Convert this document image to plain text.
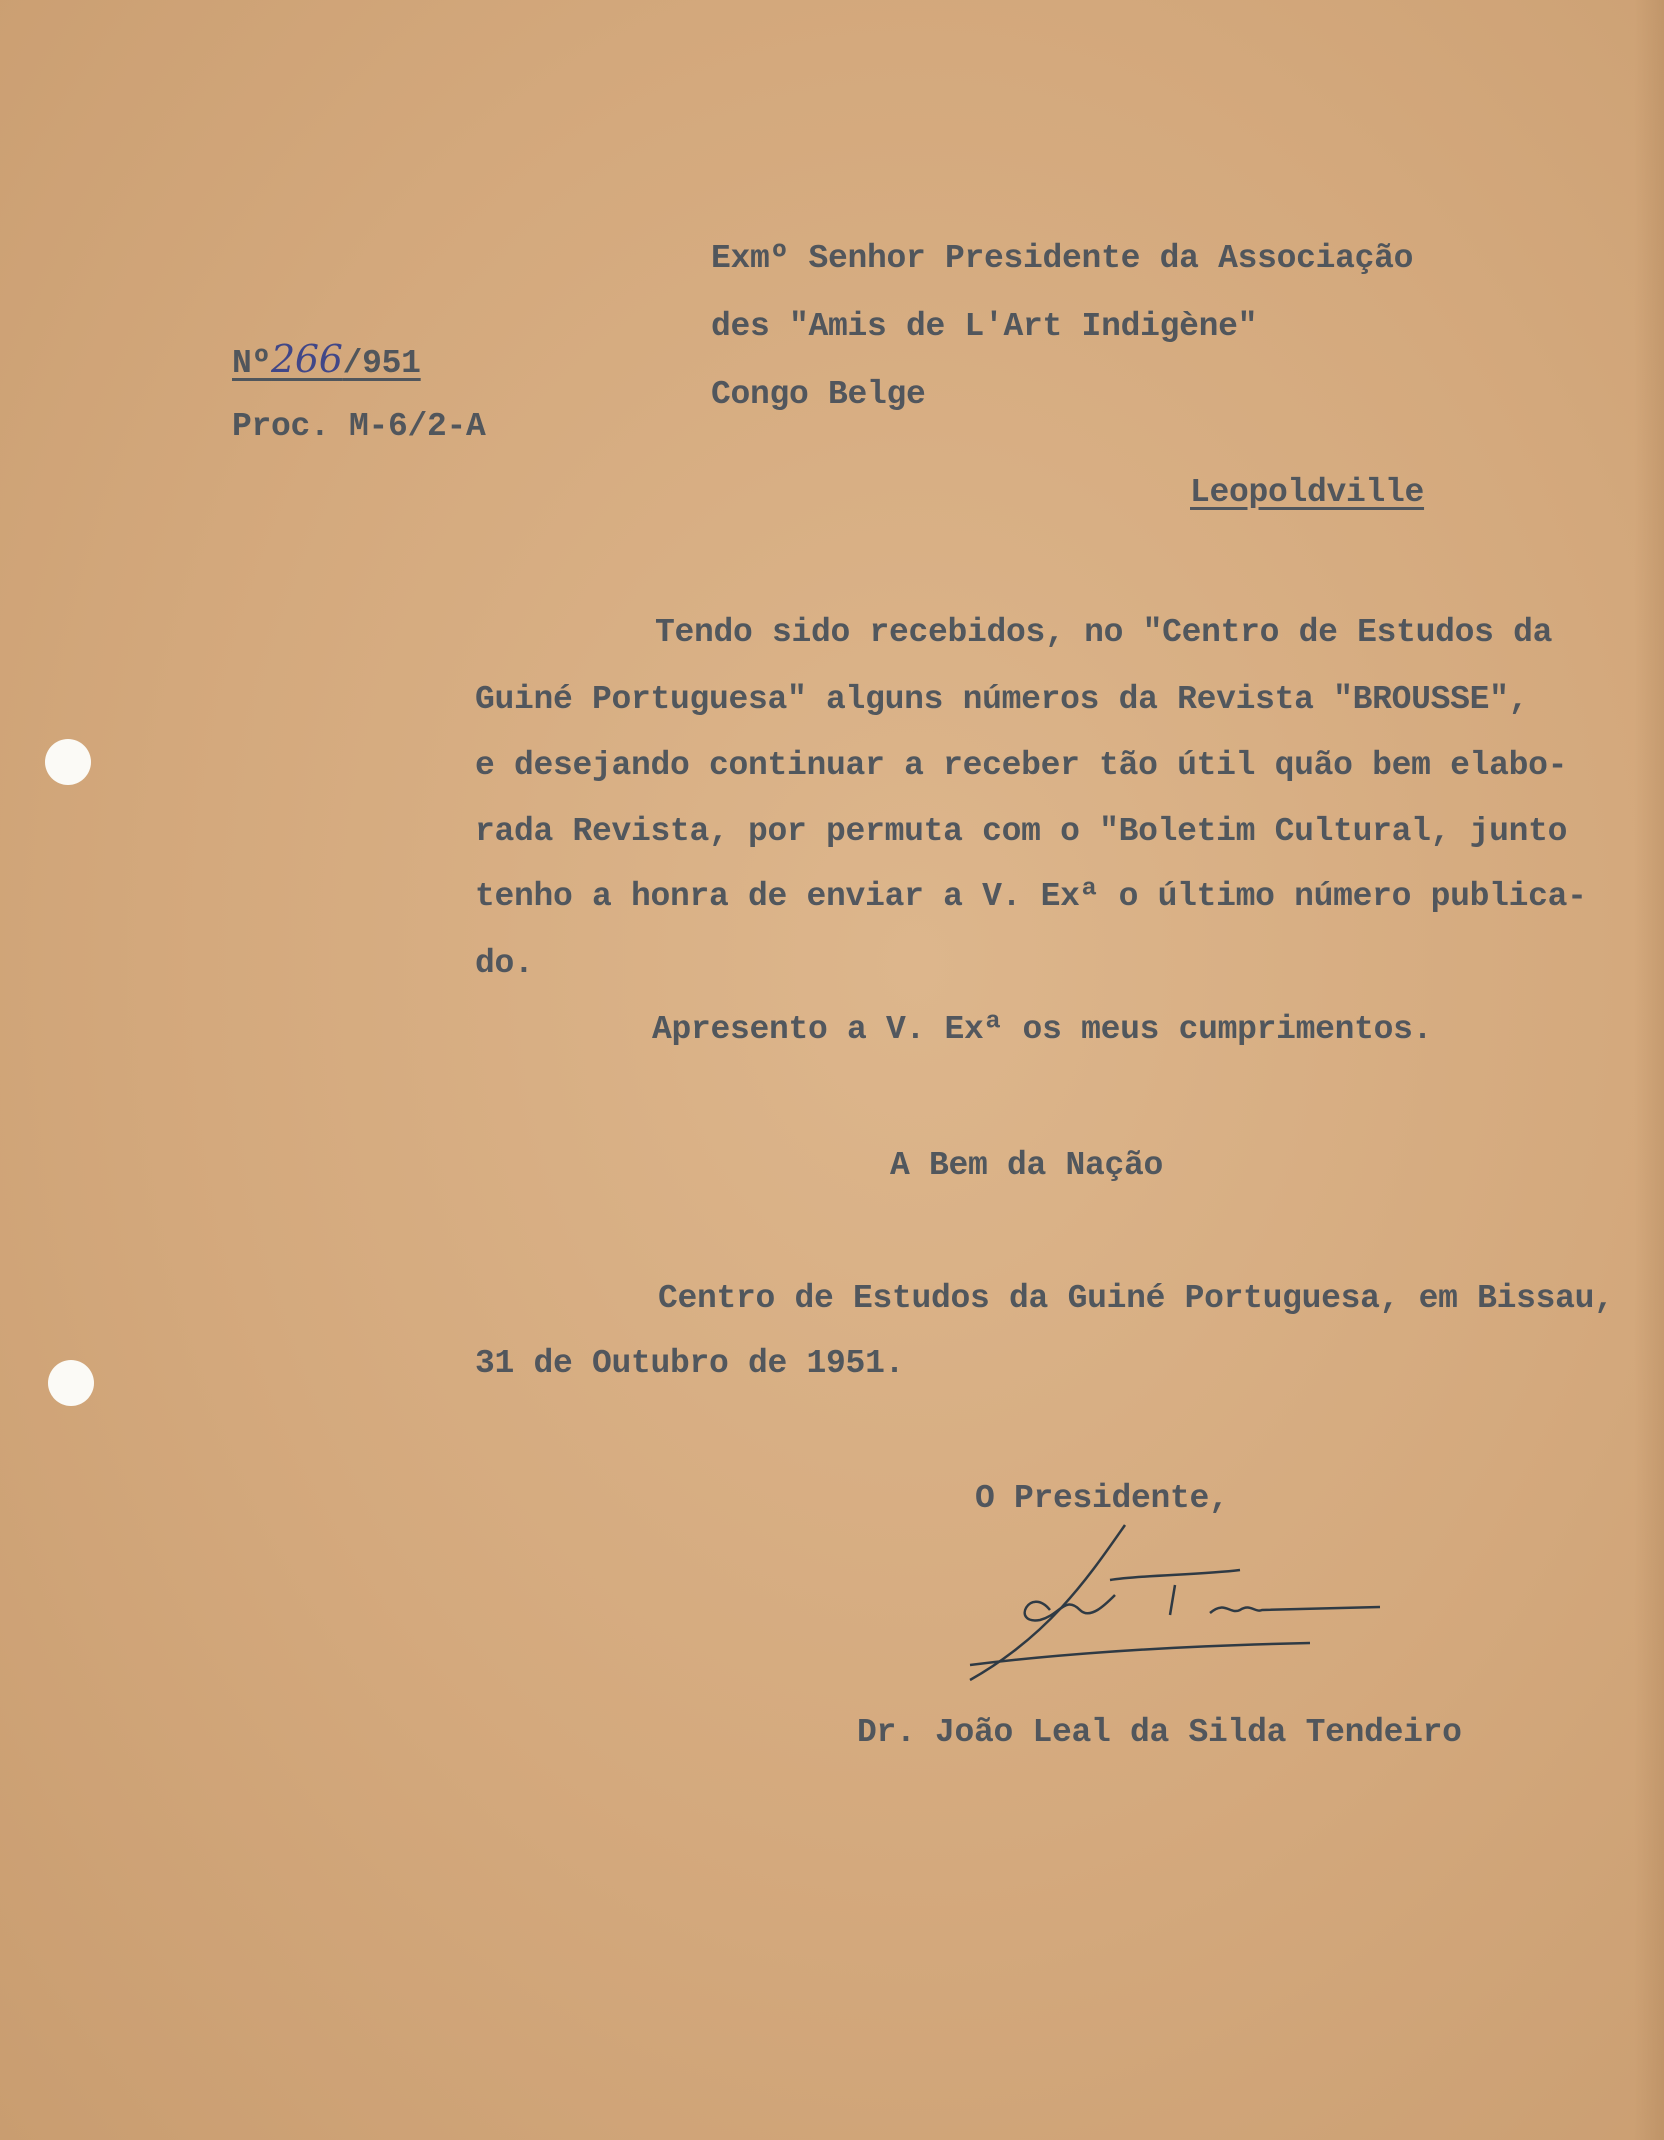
Nº266/951
Proc. M-6/2-A
Exmº Senhor Presidente da Associação
des "Amis de L'Art Indigène"
Congo Belge
Leopoldville
Tendo sido recebidos, no "Centro de Estudos da
Guiné Portuguesa" alguns números da Revista "BROUSSE",
e desejando continuar a receber tão útil quão bem elabo-
rada Revista, por permuta com o "Boletim Cultural, junto
tenho a honra de enviar a V. Exª o último número publica-
do.
Apresento a V. Exª os meus cumprimentos.
A Bem da Nação
Centro de Estudos da Guiné Portuguesa, em Bissau,
31 de Outubro de 1951.
O Presidente,
Dr. João Leal da Silda Tendeiro
